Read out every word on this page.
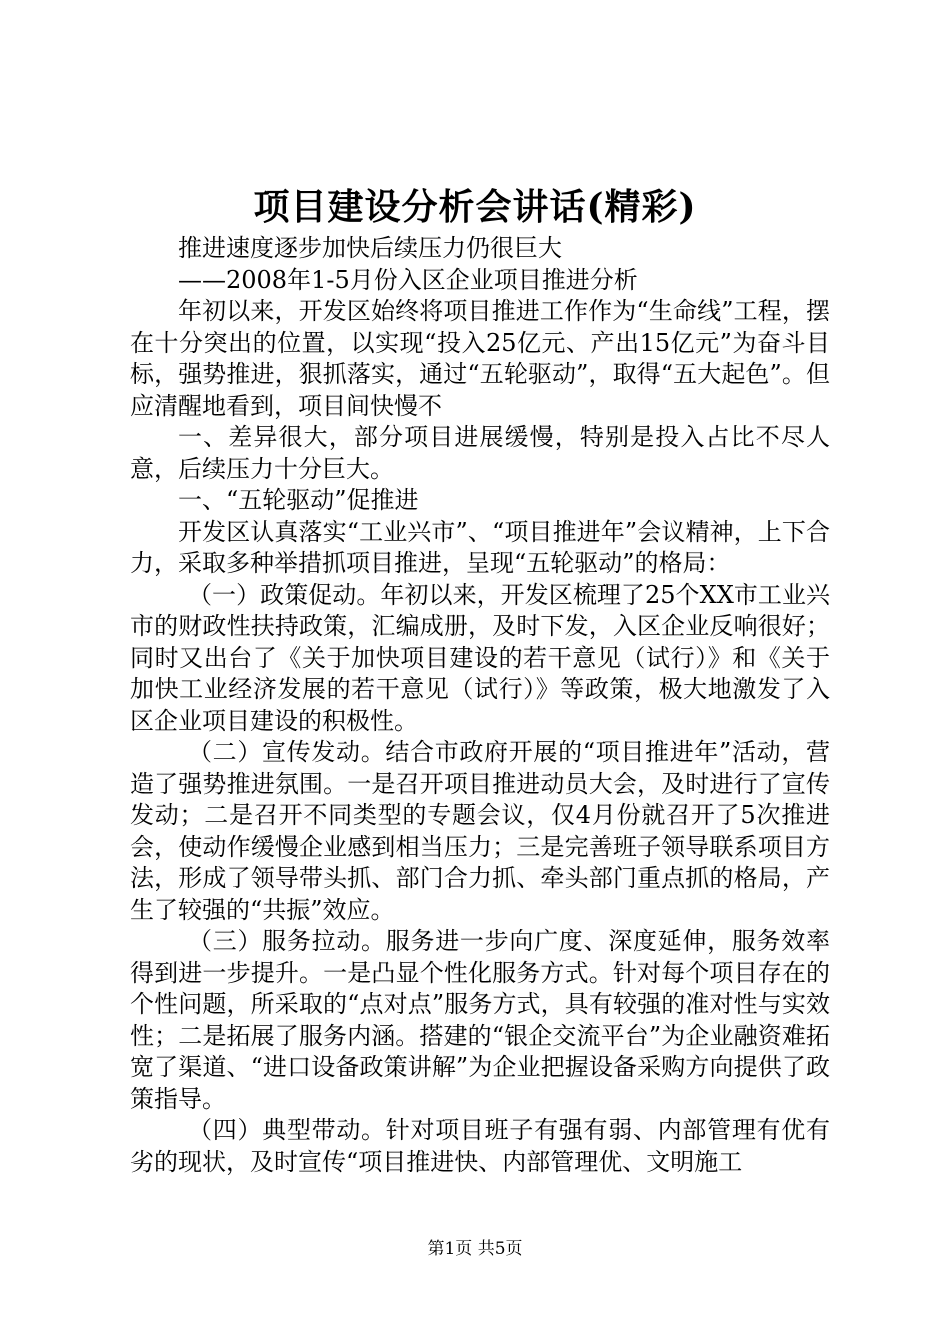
项目建设分析会讲话(精彩)

推进速度逐步加快后续压力仍很巨大

——2008年1-5月份入区企业项目推进分析

年初以来，开发区始终将项目推进工作作为“生命线”工程，摆在十分突出的位置，以实现“投入25亿元、产出15亿元”为奋斗目标，强势推进，狠抓落实，通过“五轮驱动”，取得“五大起色”。但应清醒地看到，项目间快慢不

一、差异很大，部分项目进展缓慢，特别是投入占比不尽人意，后续压力十分巨大。

一、“五轮驱动”促推进

开发区认真落实“工业兴市”、“项目推进年”会议精神，上下合力，采取多种举措抓项目推进，呈现“五轮驱动”的格局：

（一）政策促动。年初以来，开发区梳理了25个XX市工业兴市的财政性扶持政策，汇编成册，及时下发，入区企业反响很好；同时又出台了《关于加快项目建设的若干意见（试行）》和《关于加快工业经济发展的若干意见（试行）》等政策，极大地激发了入区企业项目建设的积极性。

（二）宣传发动。结合市政府开展的“项目推进年”活动，营造了强势推进氛围。一是召开项目推进动员大会，及时进行了宣传发动；二是召开不同类型的专题会议，仅4月份就召开了5次推进会，使动作缓慢企业感到相当压力；三是完善班子领导联系项目方法，形成了领导带头抓、部门合力抓、牵头部门重点抓的格局，产生了较强的“共振”效应。

（三）服务拉动。服务进一步向广度、深度延伸，服务效率得到进一步提升。一是凸显个性化服务方式。针对每个项目存在的个性问题，所采取的“点对点”服务方式，具有较强的准对性与实效性；二是拓展了服务内涵。搭建的“银企交流平台”为企业融资难拓宽了渠道、“进口设备政策讲解”为企业把握设备采购方向提供了政策指导。

（四）典型带动。针对项目班子有强有弱、内部管理有优有劣的现状，及时宣传“项目推进快、内部管理优、文明施工

第1页 共5页
